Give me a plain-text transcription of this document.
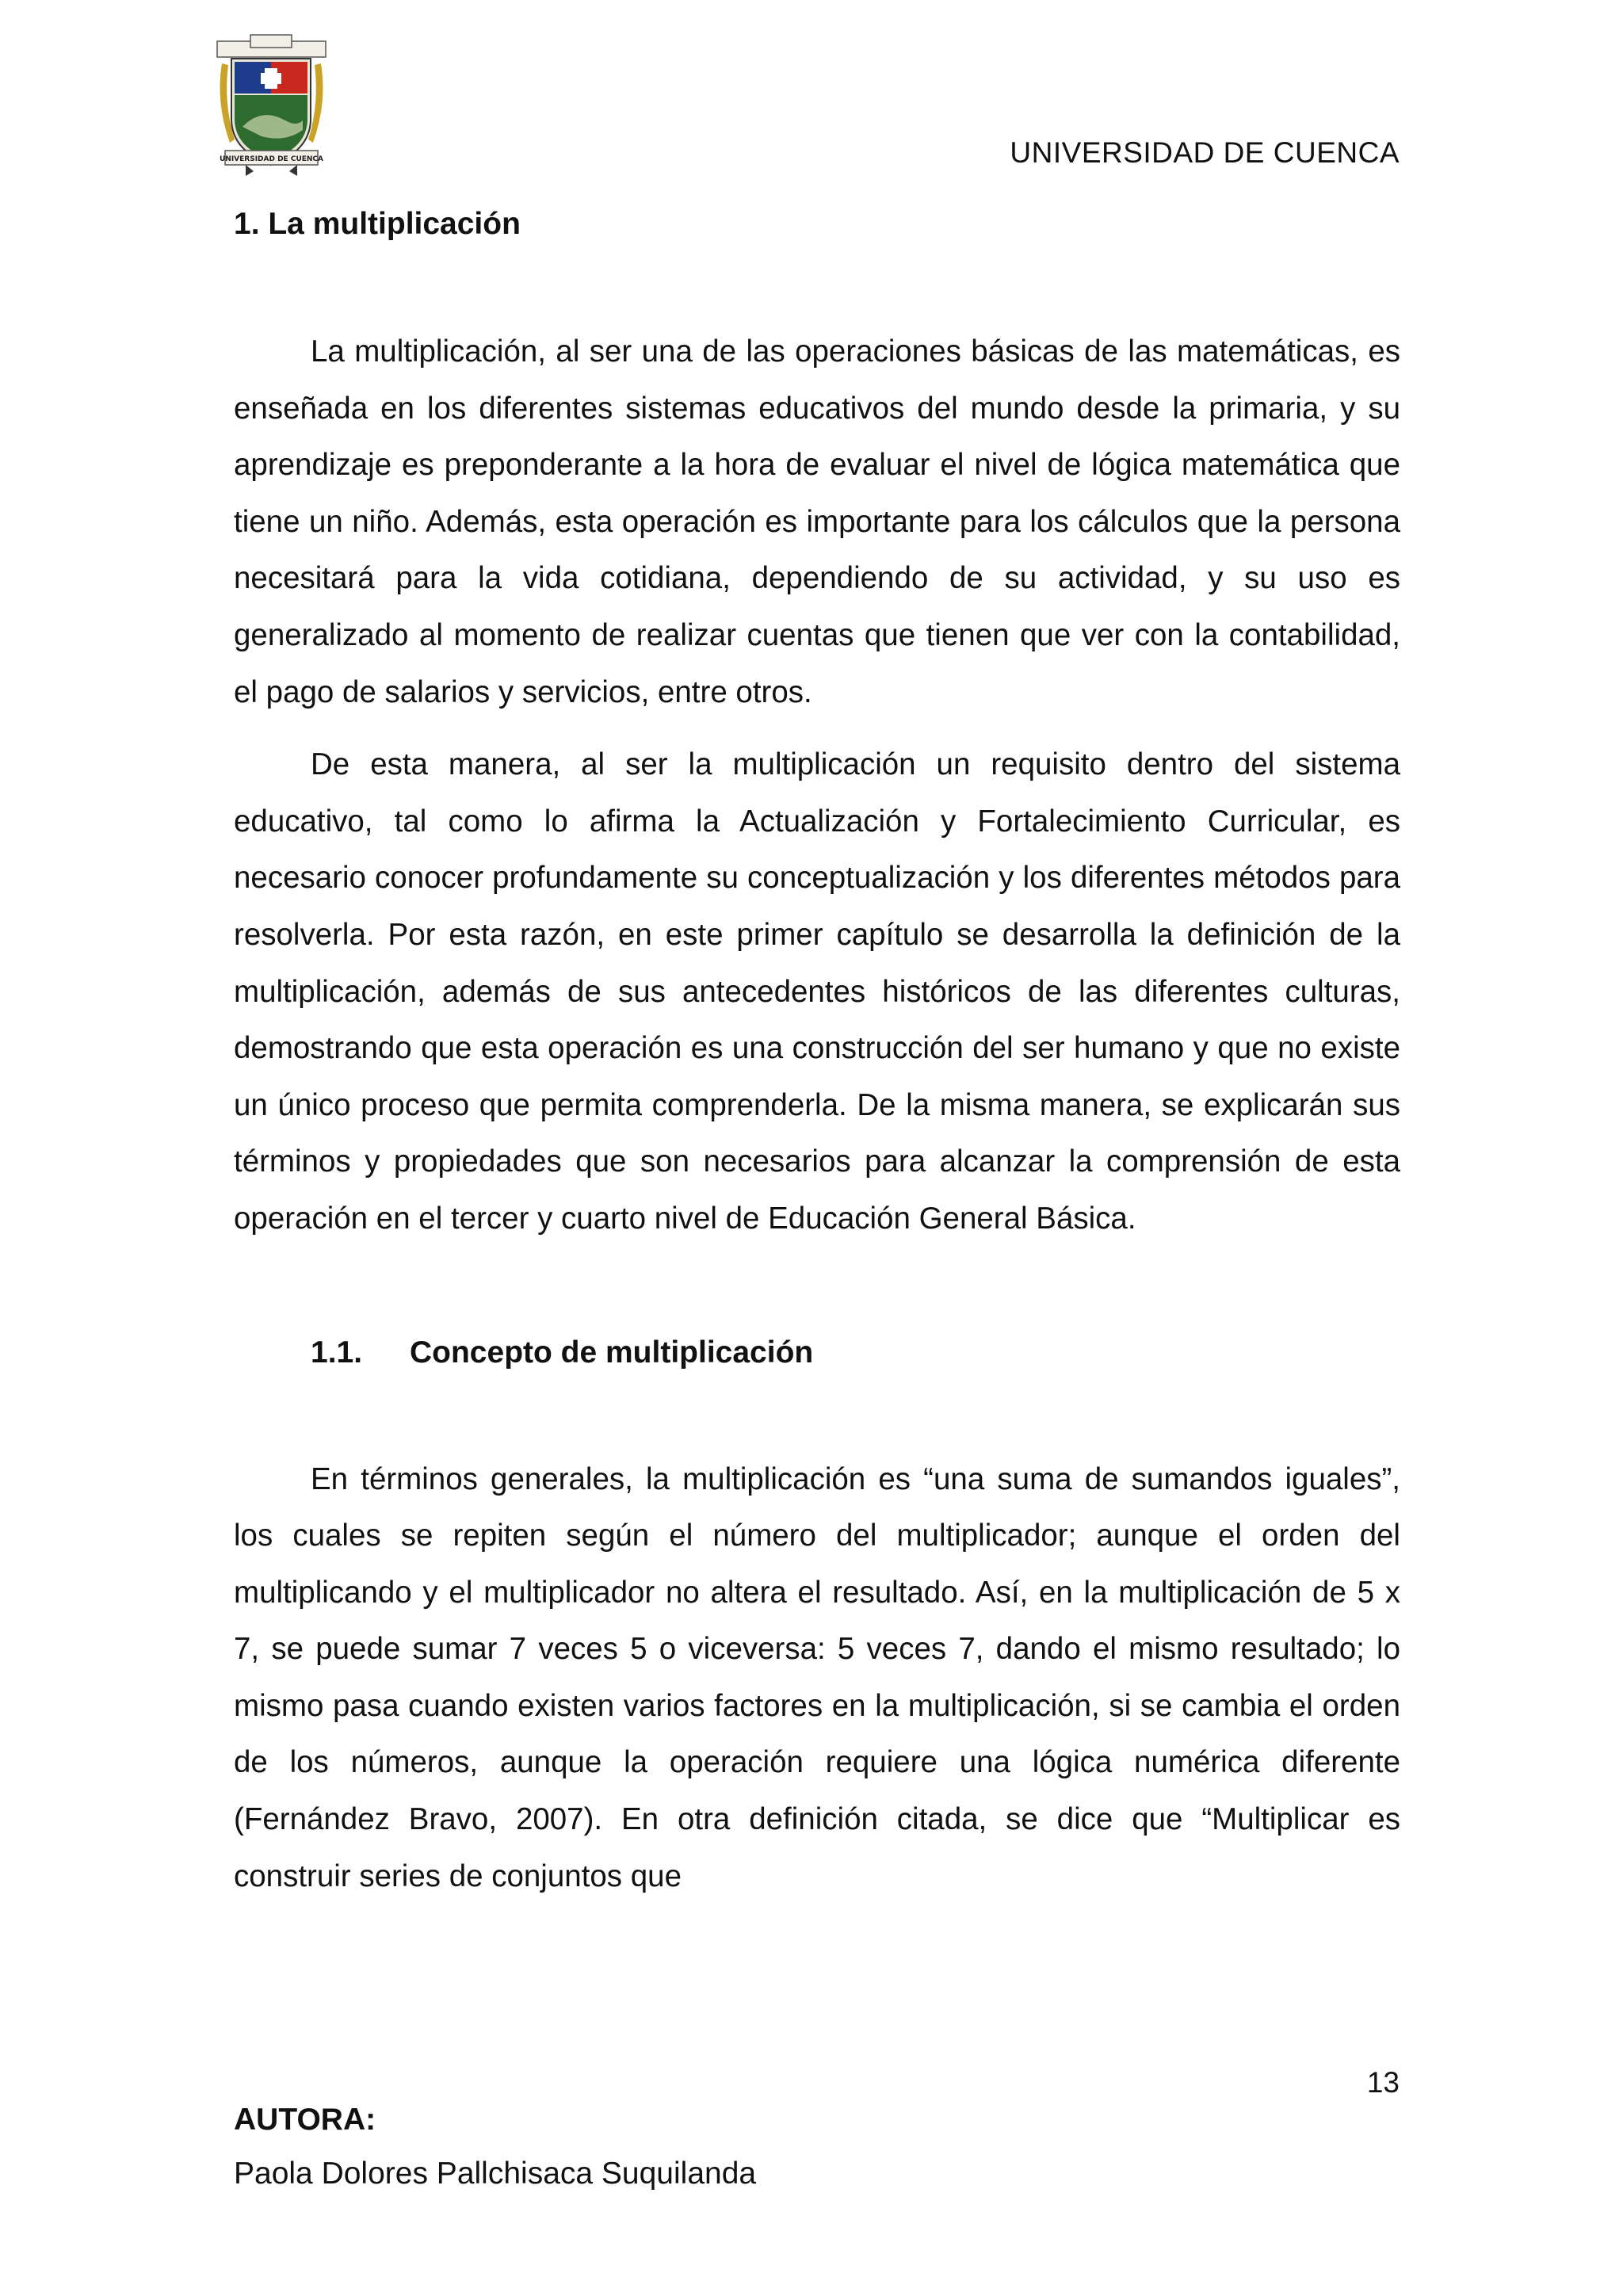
UNIVERSIDAD DE CUENCA	UNIVERSIDAD DE CUENCA

1. La multiplicación

La multiplicación, al ser una de las operaciones básicas de las matemáticas, es enseñada en los diferentes sistemas educativos del mundo desde la primaria, y su aprendizaje es preponderante a la hora de evaluar el nivel de lógica matemática que tiene un niño. Además, esta operación es importante para los cálculos que la persona necesitará para la vida cotidiana, dependiendo de su actividad, y su uso es generalizado al momento de realizar cuentas que tienen que ver con la contabilidad, el pago de salarios y servicios, entre otros.

De esta manera, al ser la multiplicación un requisito dentro del sistema educativo, tal como lo afirma la Actualización y Fortalecimiento Curricular, es necesario conocer profundamente su conceptualización y los diferentes métodos para resolverla. Por esta razón, en este primer capítulo se desarrolla la definición de la multiplicación, además de sus antecedentes históricos de las diferentes culturas, demostrando que esta operación es una construcción del ser humano y que no existe un único proceso que permita comprenderla. De la misma manera, se explicarán sus términos y propiedades que son necesarios para alcanzar la comprensión de esta operación en el tercer y cuarto nivel de Educación General Básica.

1.1. Concepto de multiplicación

En términos generales, la multiplicación es “una suma de sumandos iguales”, los cuales se repiten según el número del multiplicador; aunque el orden del multiplicando y el multiplicador no altera el resultado. Así, en la multiplicación de 5 x 7, se puede sumar 7 veces 5 o viceversa: 5 veces 7, dando el mismo resultado; lo mismo pasa cuando existen varios factores en la multiplicación, si se cambia el orden de los números, aunque la operación requiere una lógica numérica diferente (Fernández Bravo, 2007). En otra definición citada, se dice que “Multiplicar es construir series de conjuntos que

13

AUTORA:

Paola Dolores Pallchisaca Suquilanda
